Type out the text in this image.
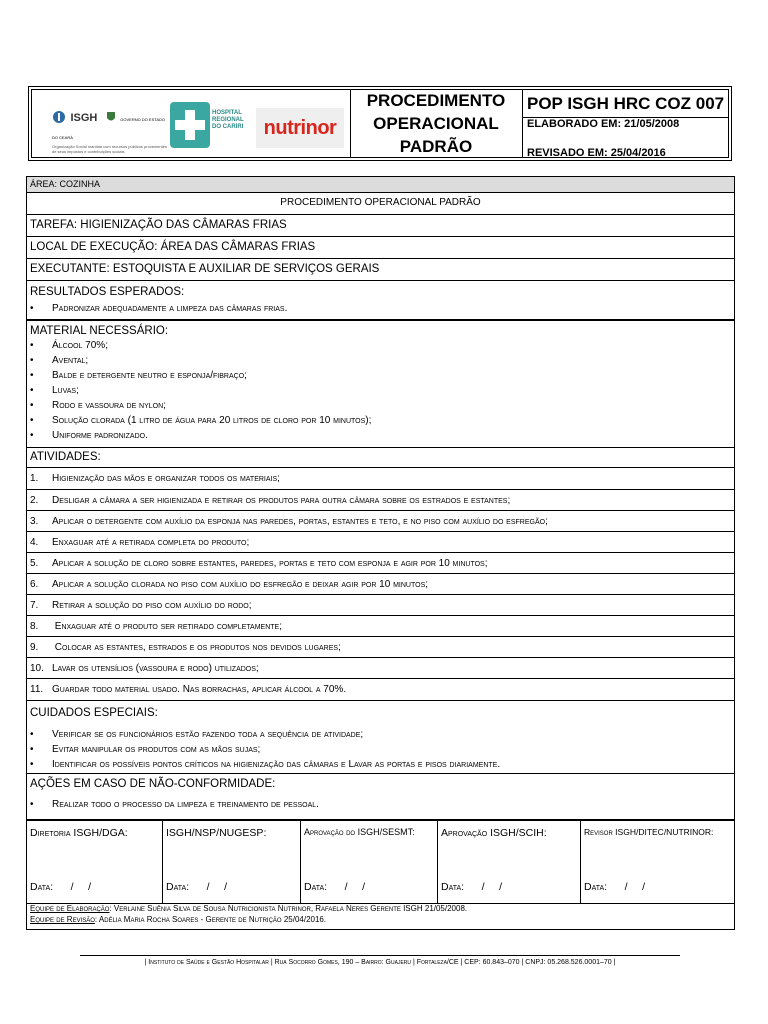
ISGH	GOVERNO DO ESTADO DO CEARÁ
Organização Social mantida com recursos públicos provenientes de seus impostos e contribuições sociais
HOSPITAL REGIONAL DO CARIRI	nutrinor
PROCEDIMENTO
OPERACIONAL
PADRÃO
POP ISGH HRC COZ 007
ELABORADO EM: 21/05/2008
REVISADO EM: 25/04/2016
ÁREA: COZINHA
PROCEDIMENTO OPERACIONAL PADRÃO
TAREFA: HIGIENIZAÇÃO DAS CÂMARAS FRIAS
LOCAL DE EXECUÇÃO: ÁREA DAS CÂMARAS FRIAS
EXECUTANTE: ESTOQUISTA E AUXILIAR DE SERVIÇOS GERAIS
RESULTADOS ESPERADOS:
• Padronizar adequadamente a limpeza das câmaras frias.
MATERIAL NECESSÁRIO:
• Álcool 70%;
• Avental;
• Balde e detergente neutro e esponja/fibraço;
• Luvas;
• Rodo e vassoura de nylon;
• Solução clorada (1 litro de água para 20 litros de cloro por 10 minutos);
• Uniforme padronizado.
ATIVIDADES:
1. Higienização das mãos e organizar todos os materiais;
2. Desligar a câmara a ser higienizada e retirar os produtos para outra câmara sobre os estrados e estantes;
3. Aplicar o detergente com auxílio da esponja nas paredes, portas, estantes e teto, e no piso com auxílio do esfregão;
4. Enxaguar até a retirada completa do produto;
5. Aplicar a solução de cloro sobre estantes, paredes, portas e teto com esponja e agir por 10 minutos;
6. Aplicar a solução clorada no piso com auxílio do esfregão e deixar agir por 10 minutos;
7. Retirar a solução do piso com auxílio do rodo;
8. Enxaguar até o produto ser retirado completamente;
9. Colocar as estantes, estrados e os produtos nos devidos lugares;
10. Lavar os utensílios (vassoura e rodo) utilizados;
11. Guardar todo material usado. Nas borrachas, aplicar álcool a 70%.
CUIDADOS ESPECIAIS:
• Verificar se os funcionários estão fazendo toda a sequência de atividade;
• Evitar manipular os produtos com as mãos sujas;
• Identificar os possíveis pontos críticos na higienização das câmaras e Lavar as portas e pisos diariamente.
AÇÕES EM CASO DE NÃO-CONFORMIDADE:
• Realizar todo o processo da limpeza e treinamento de pessoal.
Diretoria ISGH/DGA:
Data:      /     /
ISGH/NSP/NUGESP:
Data:      /     /
Aprovação do ISGH/SESMT:
Data:      /     /
Aprovação ISGH/SCIH:
Data:      /     /
Revisor ISGH/DITEC/NUTRINOR:
Data:      /     /
Equipe de Elaboração: Verlaine Suênia Silva de Sousa Nutricionista Nutrinor, Rafaela Neres Gerente ISGH 21/05/2008.
Equipe de Revisão: Adélia Maria Rocha Soares - Gerente de Nutrição 25/04/2016.
| Instituto de Saúde e Gestão Hospitalar | Rua Socorro Gomes, 190 – Bairro: Guajeru | Fortaleza/CE | CEP: 60.843–070 | CNPJ: 05.268.526.0001–70 |
